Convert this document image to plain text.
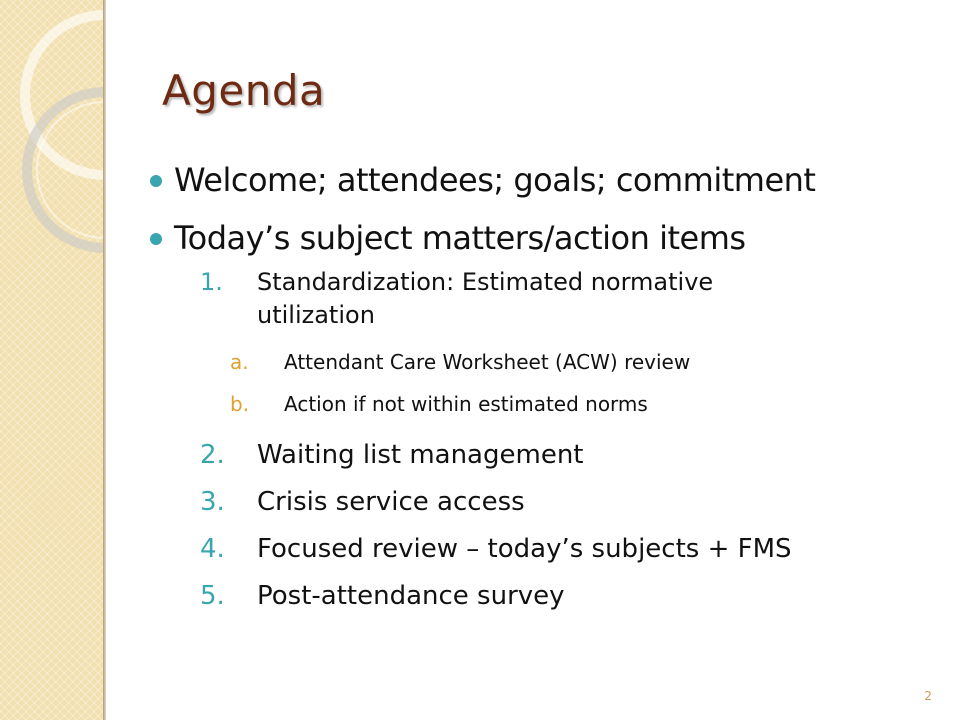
Agenda
Welcome; attendees; goals; commitment
Today’s subject matters/action items
1. Standardization: Estimated normative
utilization
a. Attendant Care Worksheet (ACW) review
b. Action if not within estimated norms
2. Waiting list management
3. Crisis service access
4. Focused review – today’s subjects + FMS
5. Post-attendance survey
2
